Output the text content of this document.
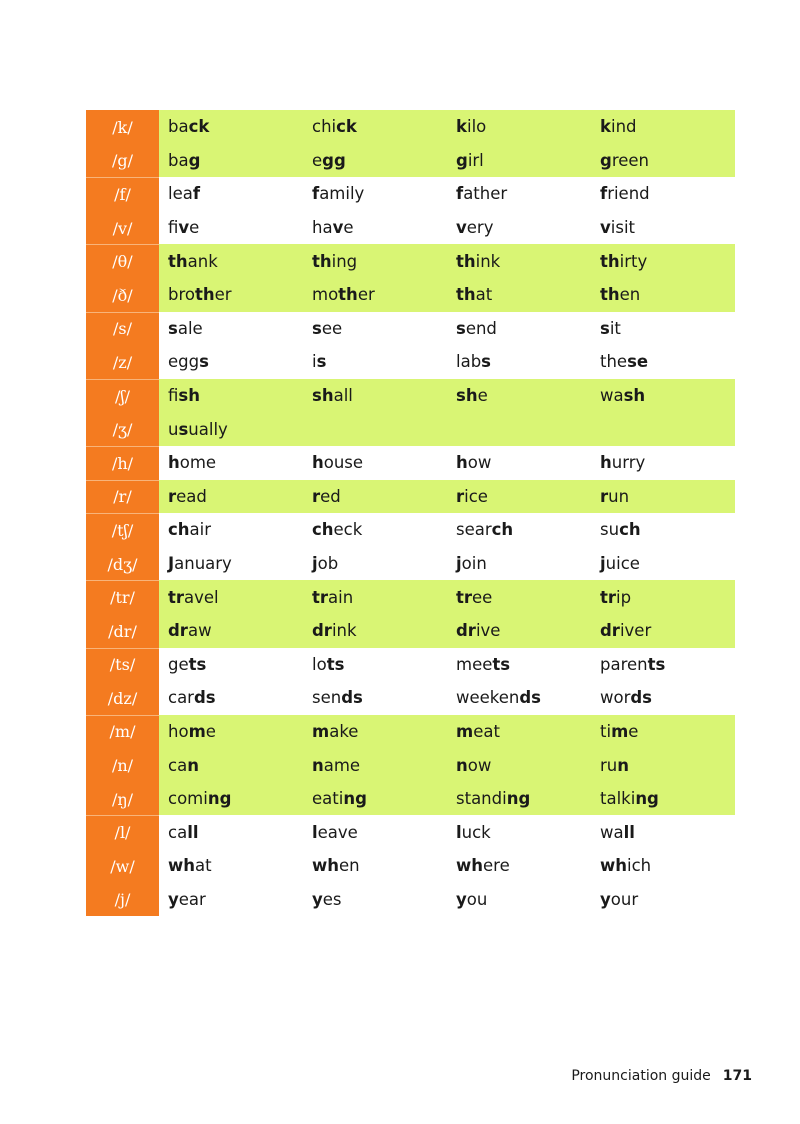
/k/	ba ck	chi ck	k ilo	k ind
/g/	ba g	e gg	g irl	g reen
/f/	lea f	f amily	f ather	f riend
/v/	fi v e	ha v e	v ery	v isit
/θ/	th ank	th ing	th ink	th irty
/ð/	bro th er	mo th er	th at	th en
/s/	s ale	s ee	s end	s it
/z/	egg s	i s	lab s	the se
/ʃ/	fi sh	sh all	sh e	wa sh
/ʒ/	u s ually
/h/	h ome	h ouse	h ow	h urry
/r/	r ead	r ed	r ice	r un
/tʃ/	ch air	ch eck	sear ch	su ch
/dʒ/	J anuary	j ob	j oin	j uice
/tr/	tr avel	tr ain	tr ee	tr ip
/dr/	dr aw	dr ink	dr ive	dr iver
/ts/	ge ts	lo ts	mee ts	paren ts
/dz/	car ds	sen ds	weeken ds	wor ds
/m/	ho m e	m ake	m eat	ti m e
/n/	ca n	n ame	n ow	ru n
/ŋ/	comi ng	eati ng	standi ng	talki ng
/l/	ca ll	l eave	l uck	wa ll
/w/	wh at	wh en	wh ere	wh ich
/j/	y ear	y es	y ou	y our
Pronunciation guide 171
